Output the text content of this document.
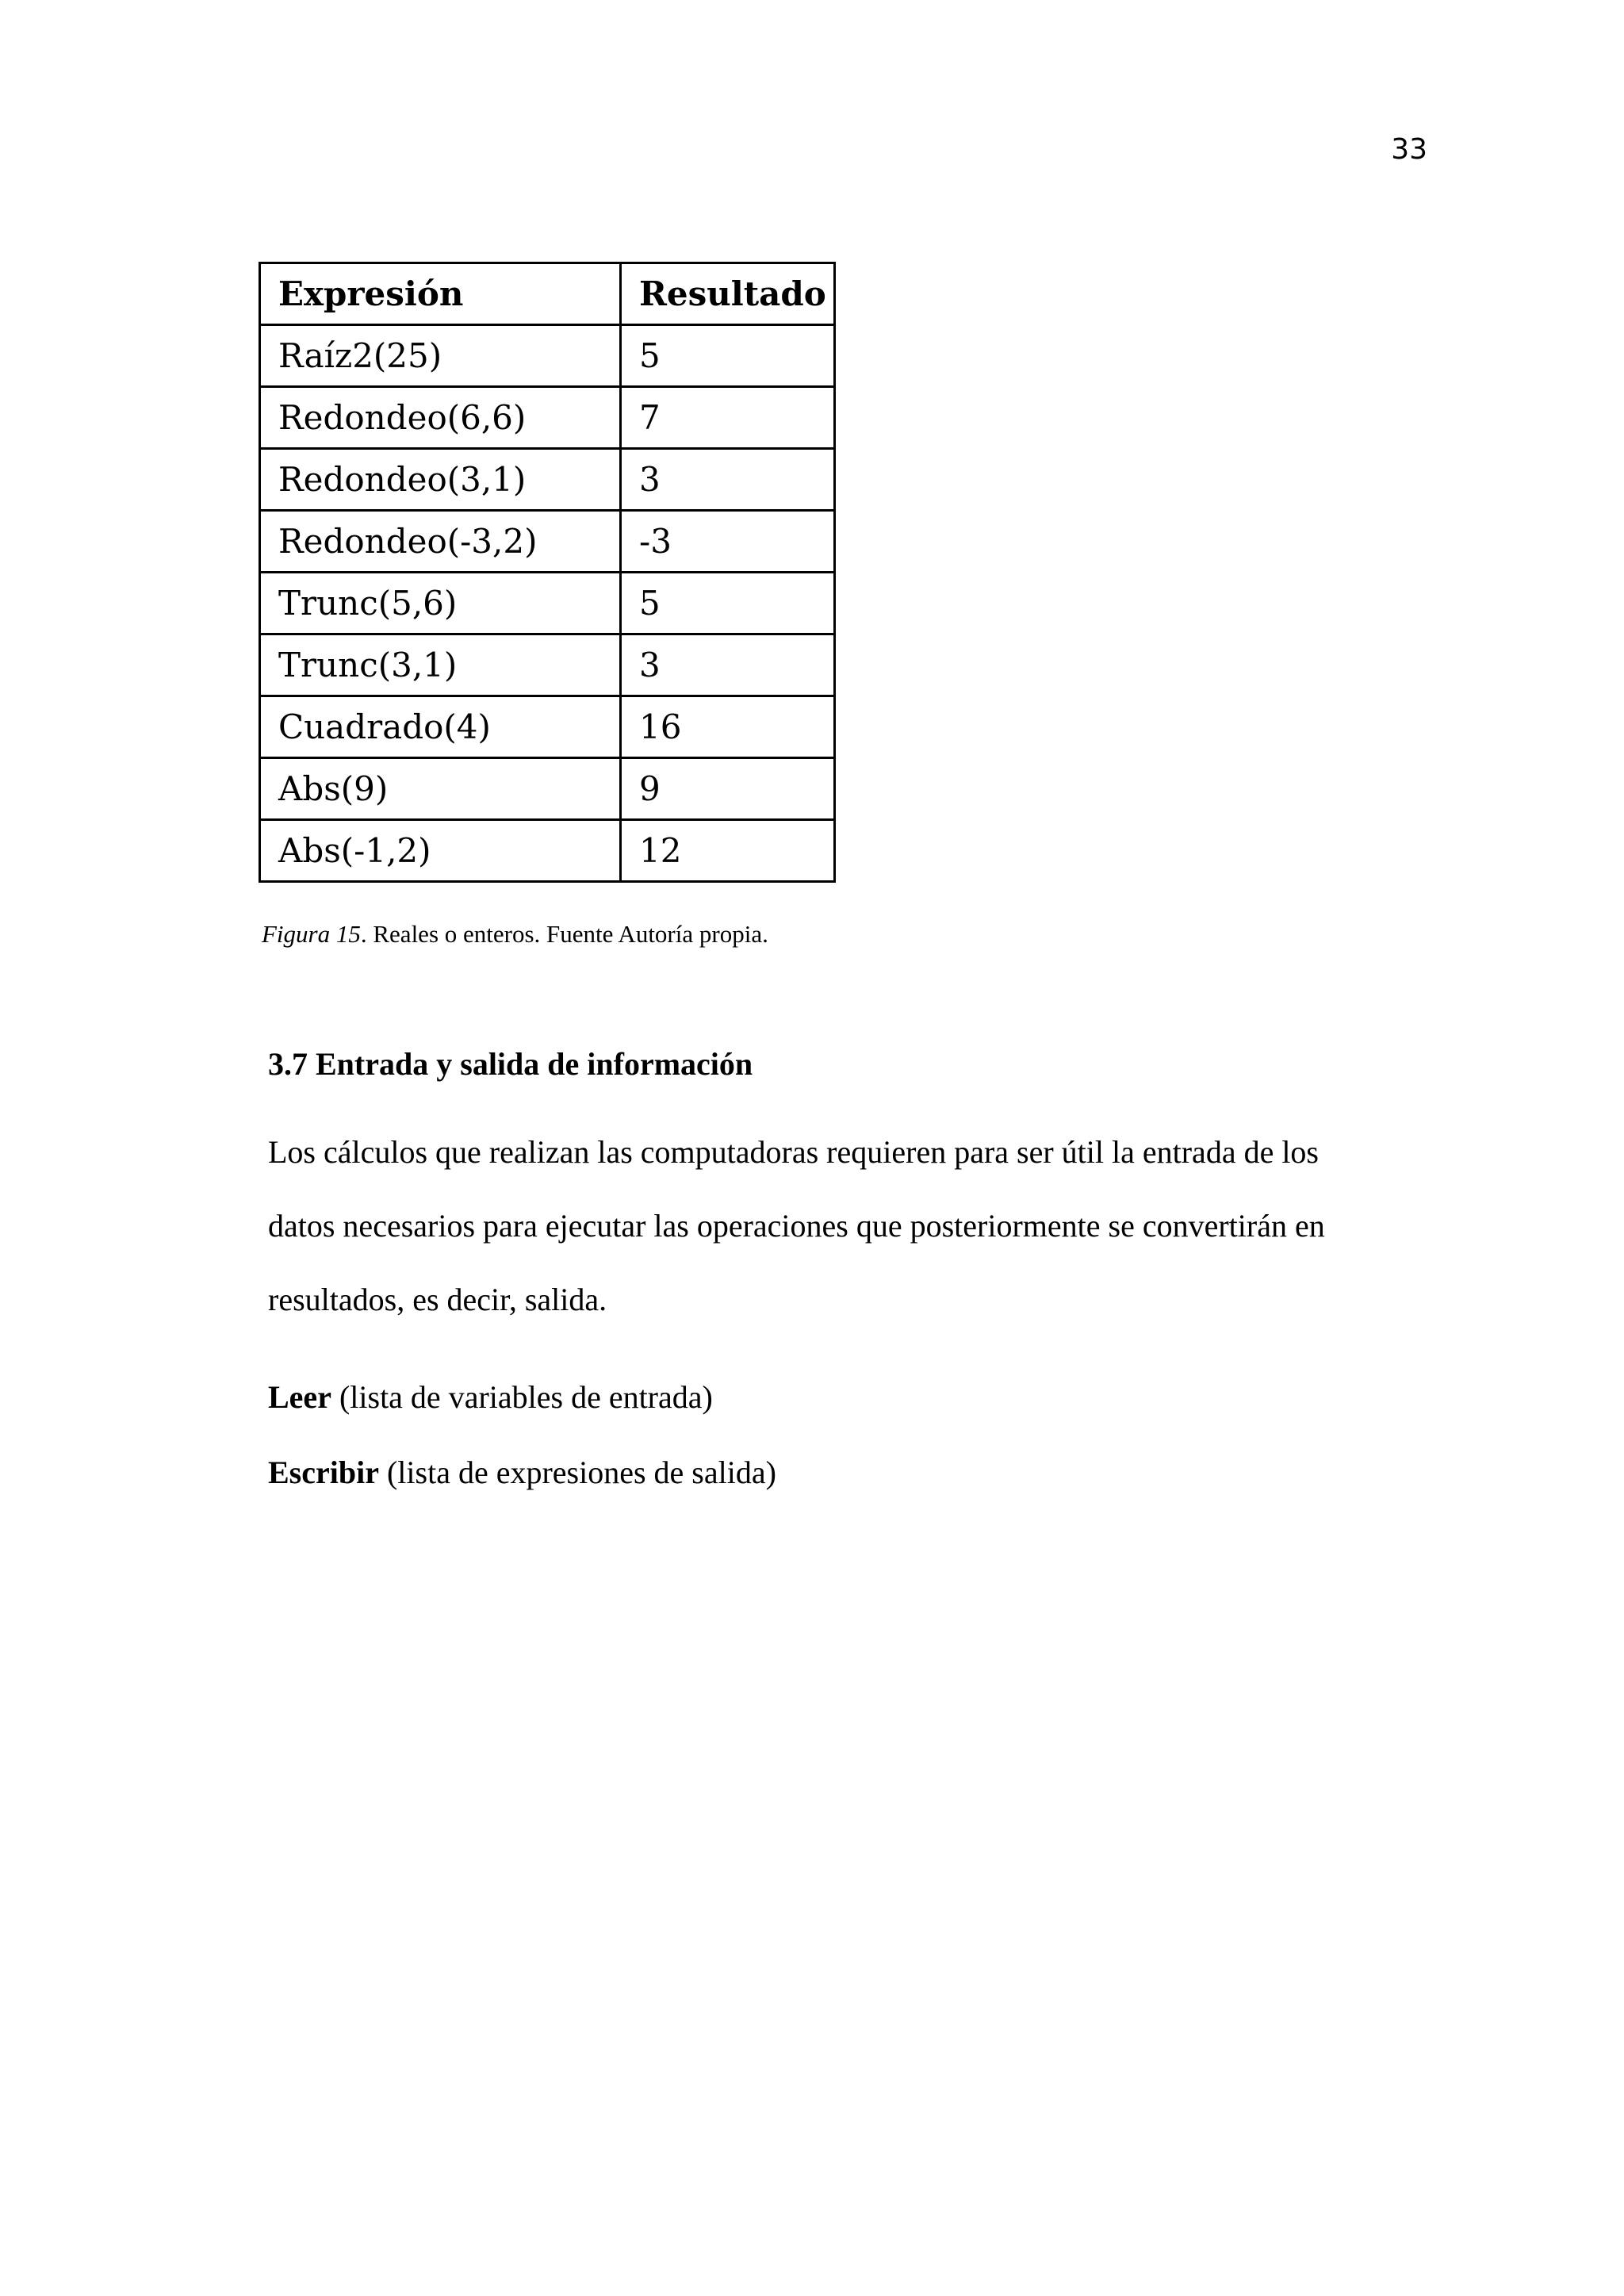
33
Expresión	Resultado
Raíz2(25)	5
Redondeo(6,6)	7
Redondeo(3,1)	3
Redondeo(-3,2)	-3
Trunc(5,6)	5
Trunc(3,1)	3
Cuadrado(4)	16
Abs(9)	9
Abs(-1,2)	12
Figura 15. Reales o enteros. Fuente Autoría propia.
3.7 Entrada y salida de información
Los cálculos que realizan las computadoras requieren para ser útil la entrada de los
datos necesarios para ejecutar las operaciones que posteriormente se convertirán en
resultados, es decir, salida.
Leer (lista de variables de entrada)
Escribir (lista de expresiones de salida)
